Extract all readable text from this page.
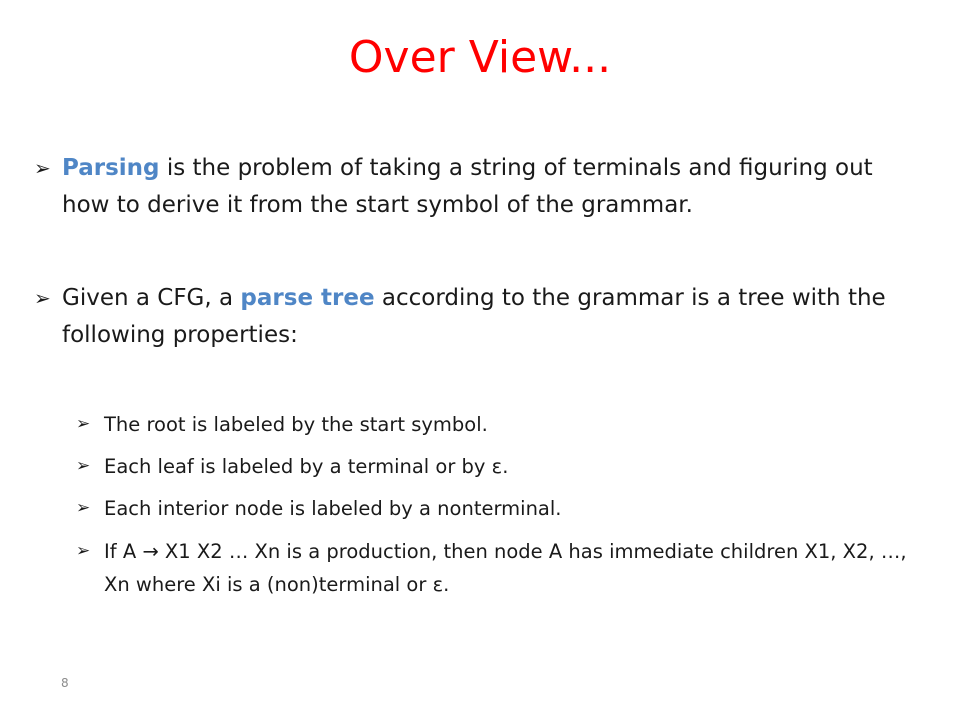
Over View...
➢ Parsing is the problem of taking a string of terminals and figuring out how to derive it from the start symbol of the grammar.
➢ Given a CFG, a parse tree according to the grammar is a tree with the following properties:
➢ The root is labeled by the start symbol.
➢ Each leaf is labeled by a terminal or by ε.
➢ Each interior node is labeled by a nonterminal.
➢ If A → X1 X2 … Xn is a production, then node A has immediate children X1, X2, …, Xn where Xi is a (non)terminal or ε.
8
